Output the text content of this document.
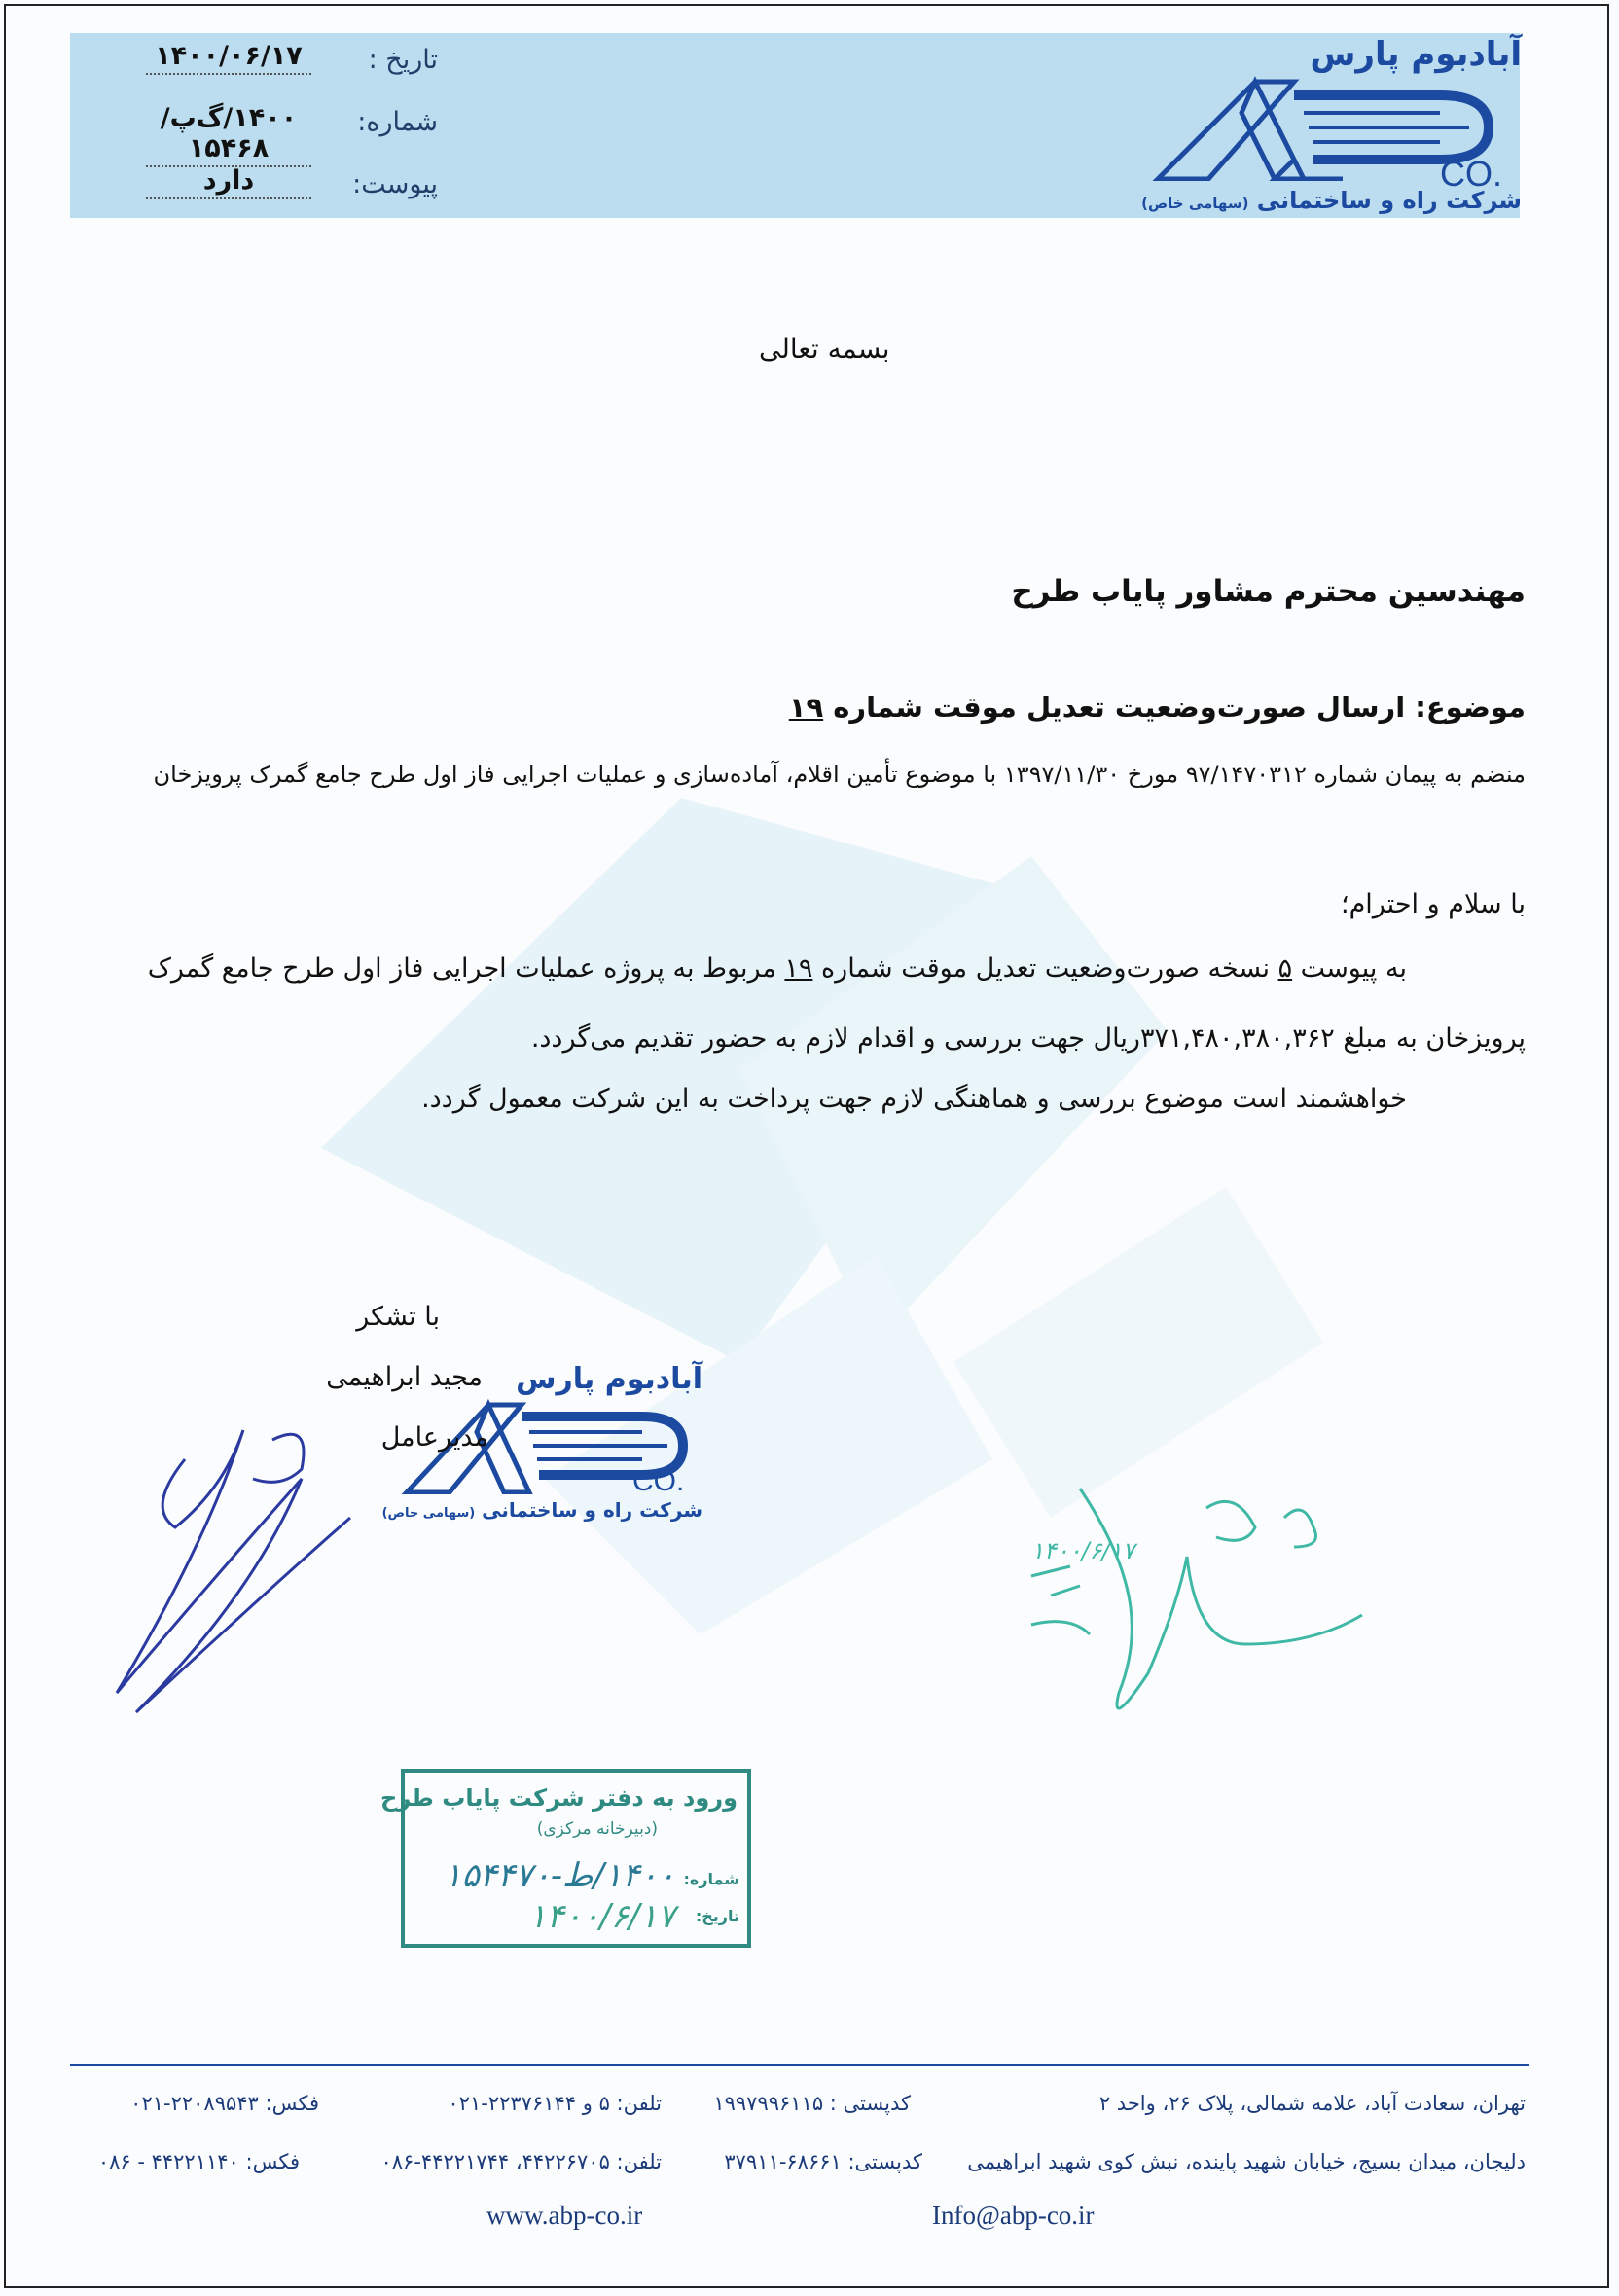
تاریخ :
۱۴۰۰/۰۶/۱۷
شماره:
۱۴۰۰/گ‌پ/۱۵۴۶۸
پیوست:
دارد
آبادبوم پارس
CO.
شرکت راه و ساختمانی (سهامی خاص)
بسمه تعالی
مهندسین محترم مشاور پایاب طرح
موضوع: ارسال صورت‌وضعیت تعدیل موقت شماره ۱۹
منضم به پیمان شماره ۹۷/۱۴۷۰۳۱۲ مورخ ۱۳۹۷/۱۱/۳۰ با موضوع تأمین اقلام، آماده‌سازی و عملیات اجرایی فاز اول طرح جامع گمرک پرویزخان
با سلام و احترام؛
به پیوست ۵ نسخه صورت‌وضعیت تعدیل موقت شماره ۱۹ مربوط به پروژه عملیات اجرایی فاز اول طرح جامع گمرک
پرویزخان به مبلغ ۳۷۱,۴۸۰,۳۸۰,۳۶۲ریال جهت بررسی و اقدام لازم به حضور تقدیم می‌گردد.
خواهشمند است موضوع بررسی و هماهنگی لازم جهت پرداخت به این شرکت معمول گردد.
با تشکر
آبادبوم پارس
CO.
شرکت راه و ساختمانی (سهامی خاص)
مجید ابراهیمی
مدیرعامل
۱۴۰۰/۶/۱۷
ورود به دفتر شرکت پایاب طرح
(دبیرخانه مرکزی)
شماره:
تاریخ:
۱۴۰۰/ط-۱۵۴۴۷۰
۱۴۰۰/۶/۱۷
تهران، سعادت آباد، علامه شمالی، پلاک ۲۶، واحد ۲
کدپستی : ۱۹۹۷۹۹۶۱۱۵
تلفن: ۵ و ۲۲۳۷۶۱۴۴-۰۲۱
فکس: ۲۲۰۸۹۵۴۳-۰۲۱
دلیجان، میدان بسیج، خیابان شهید پاینده، نبش کوی شهید ابراهیمی
کدپستی: ۶۸۶۶۱-۳۷۹۱۱
تلفن: ۴۴۲۲۶۷۰۵، ۴۴۲۲۱۷۴۴-۰۸۶
فکس: ۴۴۲۲۱۱۴۰ - ۰۸۶
www.abp-co.ir	Info@abp-co.ir
